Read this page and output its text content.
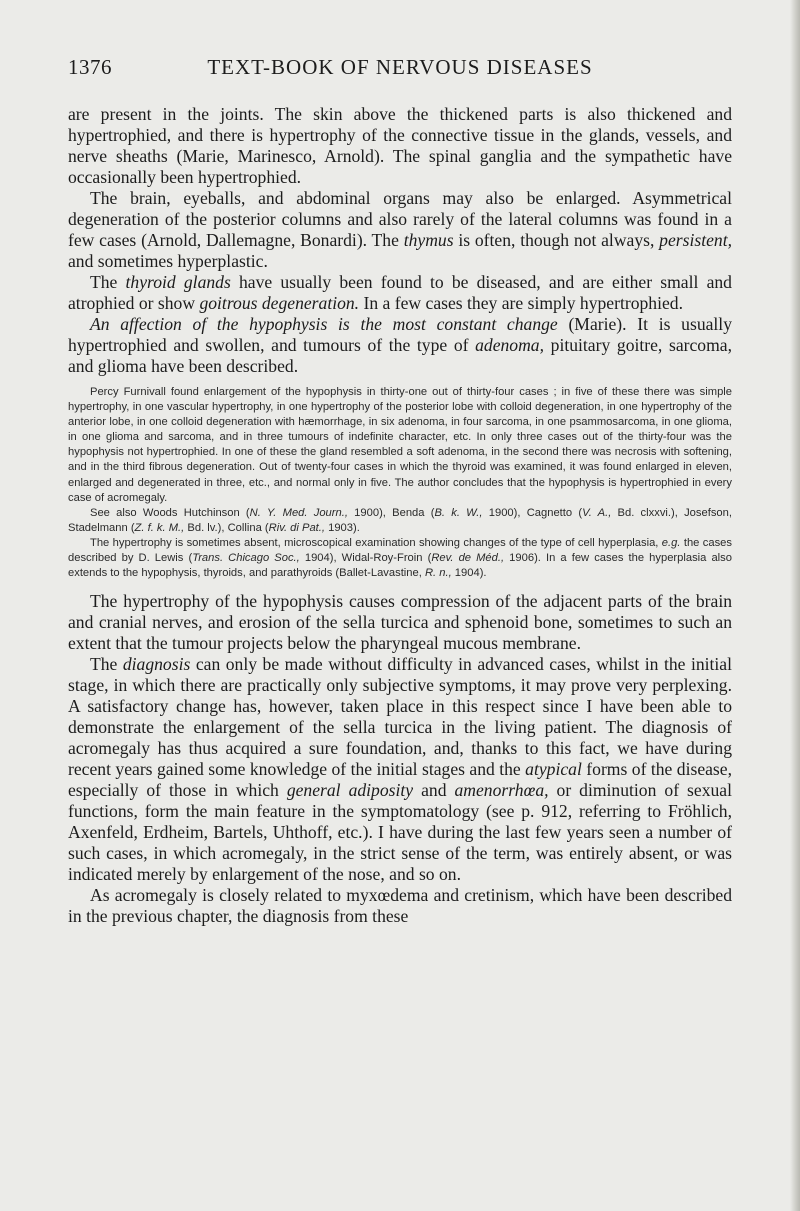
TEXT-BOOK OF NERVOUS DISEASES
1376

are present in the joints. The skin above the thickened parts is also thickened and hypertrophied, and there is hypertrophy of the connective tissue in the glands, vessels, and nerve sheaths (Marie, Marinesco, Arnold). The spinal ganglia and the sympathetic have occasionally been hypertrophied.

The brain, eyeballs, and abdominal organs may also be enlarged. Asymmetrical degeneration of the posterior columns and also rarely of the lateral columns was found in a few cases (Arnold, Dallemagne, Bonardi). The thymus is often, though not always, persistent, and sometimes hyperplastic.

The thyroid glands have usually been found to be diseased, and are either small and atrophied or show goitrous degeneration. In a few cases they are simply hypertrophied.

An affection of the hypophysis is the most constant change (Marie). It is usually hypertrophied and swollen, and tumours of the type of adenoma, pituitary goitre, sarcoma, and glioma have been described.

Percy Furnivall found enlargement of the hypophysis in thirty-one out of thirty-four cases ; in five of these there was simple hypertrophy, in one vascular hypertrophy, in one hypertrophy of the posterior lobe with colloid degeneration, in one hypertrophy of the anterior lobe, in one colloid degeneration with hæmorrhage, in six adenoma, in four sarcoma, in one psammosarcoma, in one glioma, in one glioma and sarcoma, and in three tumours of indefinite character, etc. In only three cases out of the thirty-four was the hypophysis not hypertrophied. In one of these the gland resembled a soft adenoma, in the second there was necrosis with softening, and in the third fibrous degeneration. Out of twenty-four cases in which the thyroid was examined, it was found enlarged in eleven, enlarged and degenerated in three, etc., and normal only in five. The author concludes that the hypophysis is hypertrophied in every case of acromegaly.

See also Woods Hutchinson (N. Y. Med. Journ., 1900), Benda (B. k. W., 1900), Cagnetto (V. A., Bd. clxxvi.), Josefson, Stadelmann (Z. f. k. M., Bd. lv.), Collina (Riv. di Pat., 1903).

The hypertrophy is sometimes absent, microscopical examination showing changes of the type of cell hyperplasia, e.g. the cases described by D. Lewis (Trans. Chicago Soc., 1904), Widal-Roy-Froin (Rev. de Méd., 1906). In a few cases the hyperplasia also extends to the hypophysis, thyroids, and parathyroids (Ballet-Lavastine, R. n., 1904).

The hypertrophy of the hypophysis causes compression of the adjacent parts of the brain and cranial nerves, and erosion of the sella turcica and sphenoid bone, sometimes to such an extent that the tumour projects below the pharyngeal mucous membrane.

The diagnosis can only be made without difficulty in advanced cases, whilst in the initial stage, in which there are practically only subjective symptoms, it may prove very perplexing. A satisfactory change has, however, taken place in this respect since I have been able to demonstrate the enlargement of the sella turcica in the living patient. The diagnosis of acromegaly has thus acquired a sure foundation, and, thanks to this fact, we have during recent years gained some knowledge of the initial stages and the atypical forms of the disease, especially of those in which general adiposity and amenorrhœa, or diminution of sexual functions, form the main feature in the symptomatology (see p. 912, referring to Fröhlich, Axenfeld, Erdheim, Bartels, Uhthoff, etc.). I have during the last few years seen a number of such cases, in which acromegaly, in the strict sense of the term, was entirely absent, or was indicated merely by enlargement of the nose, and so on.

As acromegaly is closely related to myxœdema and cretinism, which have been described in the previous chapter, the diagnosis from these
